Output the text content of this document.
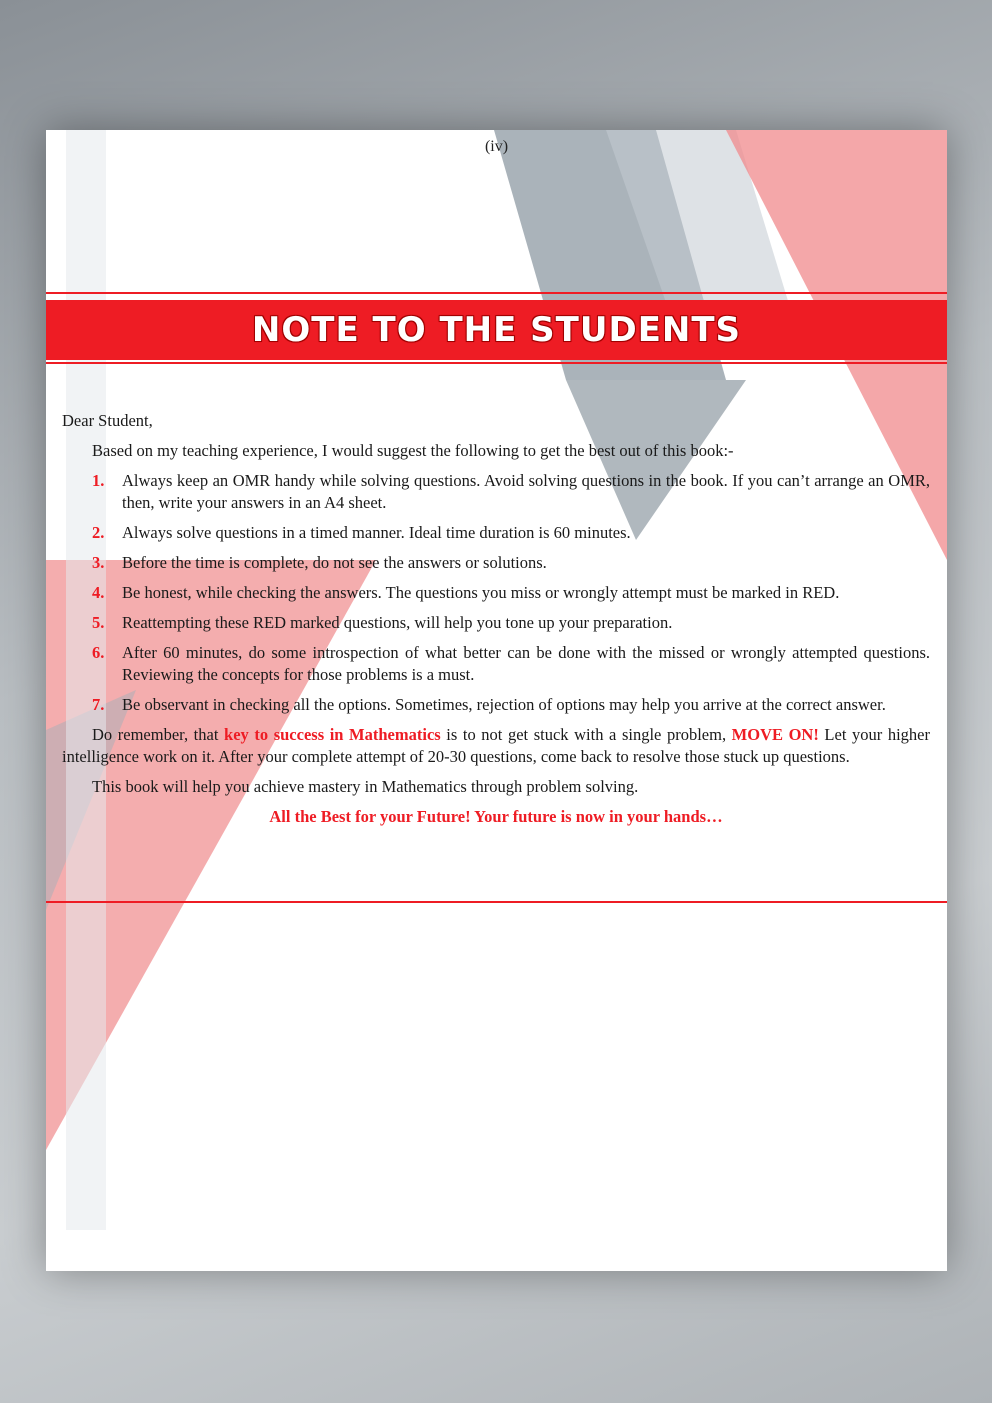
(iv)
NOTE TO THE STUDENTS

Dear Student,

Based on my teaching experience, I would suggest the following to get the best out of this book:-

1. Always keep an OMR handy while solving questions. Avoid solving questions in the book. If you can’t arrange an OMR, then, write your answers in an A4 sheet.
2. Always solve questions in a timed manner. Ideal time duration is 60 minutes.
3. Before the time is complete, do not see the answers or solutions.
4. Be honest, while checking the answers. The questions you miss or wrongly attempt must be marked in RED.
5. Reattempting these RED marked questions, will help you tone up your preparation.
6. After 60 minutes, do some introspection of what better can be done with the missed or wrongly attempted questions. Reviewing the concepts for those problems is a must.
7. Be observant in checking all the options. Sometimes, rejection of options may help you arrive at the correct answer.

Do remember, that key to success in Mathematics is to not get stuck with a single problem, MOVE ON! Let your higher intelligence work on it. After your complete attempt of 20-30 questions, come back to resolve those stuck up questions.

This book will help you achieve mastery in Mathematics through problem solving.

All the Best for your Future! Your future is now in your hands…
